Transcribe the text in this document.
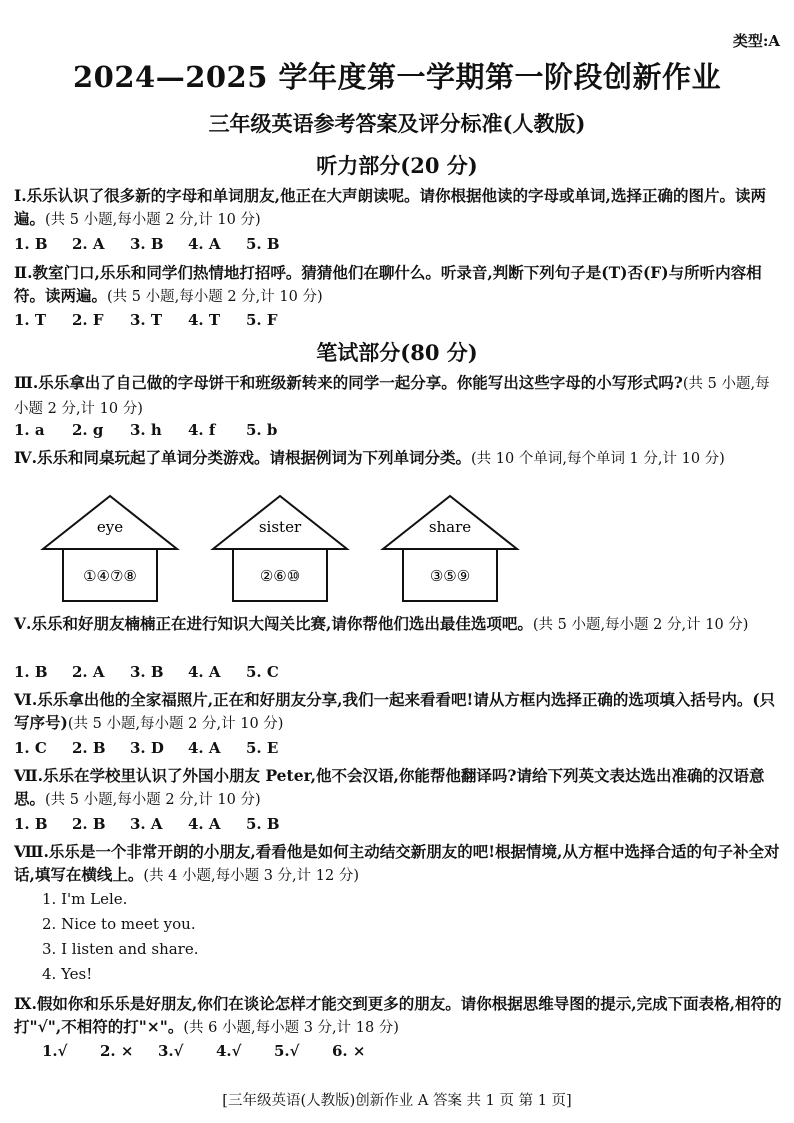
类型:A
2024—2025 学年度第一学期第一阶段创新作业
三年级英语参考答案及评分标准(人教版)
听力部分(20 分)
Ⅰ.乐乐认识了很多新的字母和单词朋友,他正在大声朗读呢。请你根据他读的字母或单词,选择正确的图片。读两遍。(共 5 小题,每小题 2 分,计 10 分)
1. B 2. A 3. B 4. A 5. B
Ⅱ.教室门口,乐乐和同学们热情地打招呼。猜猜他们在聊什么。听录音,判断下列句子是(T)否(F)与所听内容相符。读两遍。(共 5 小题,每小题 2 分,计 10 分)
1. T 2. F 3. T 4. T 5. F
笔试部分(80 分)
Ⅲ.乐乐拿出了自己做的字母饼干和班级新转来的同学一起分享。你能写出这些字母的小写形式吗?(共 5 小题,每小题 2 分,计 10 分)
1. a 2. g 3. h 4. f 5. b
Ⅳ.乐乐和同桌玩起了单词分类游戏。请根据例词为下列单词分类。(共 10 个单词,每个单词 1 分,计 10 分)
eye
①④⑦⑧
sister
②⑥⑩
share
③⑤⑨
Ⅴ.乐乐和好朋友楠楠正在进行知识大闯关比赛,请你帮他们选出最佳选项吧。(共 5 小题,每小题 2 分,计 10 分)
1. B 2. A 3. B 4. A 5. C
Ⅵ.乐乐拿出他的全家福照片,正在和好朋友分享,我们一起来看看吧!请从方框内选择正确的选项填入括号内。(只写序号)(共 5 小题,每小题 2 分,计 10 分)
1. C 2. B 3. D 4. A 5. E
Ⅶ.乐乐在学校里认识了外国小朋友 Peter,他不会汉语,你能帮他翻译吗?请给下列英文表达选出准确的汉语意思。(共 5 小题,每小题 2 分,计 10 分)
1. B 2. B 3. A 4. A 5. B
Ⅷ.乐乐是一个非常开朗的小朋友,看看他是如何主动结交新朋友的吧!根据情境,从方框中选择合适的句子补全对话,填写在横线上。(共 4 小题,每小题 3 分,计 12 分)
1. I'm Lele.
2. Nice to meet you.
3. I listen and share.
4. Yes!
Ⅸ.假如你和乐乐是好朋友,你们在谈论怎样才能交到更多的朋友。请你根据思维导图的提示,完成下面表格,相符的打"√",不相符的打"×"。(共 6 小题,每小题 3 分,计 18 分)
1.√ 2. × 3.√ 4.√ 5.√ 6. ×
[三年级英语(人教版)创新作业 A 答案 共 1 页 第 1 页]
